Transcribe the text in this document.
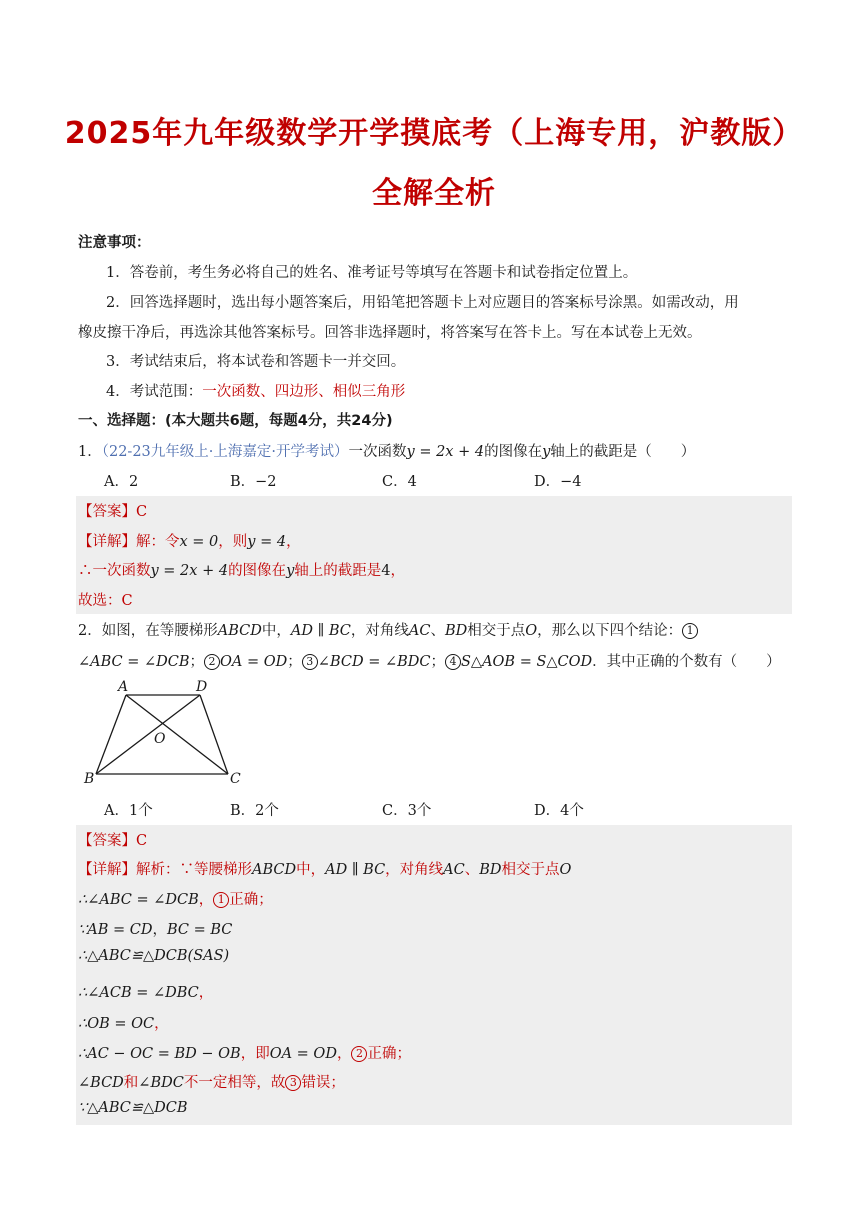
2025年九年级数学开学摸底考（上海专用，沪教版）
全解全析
注意事项：
1．答卷前，考生务必将自己的姓名、准考证号等填写在答题卡和试卷指定位置上。
2．回答选择题时，选出每小题答案后，用铅笔把答题卡上对应题目的答案标号涂黑。如需改动，用
橡皮擦干净后，再选涂其他答案标号。回答非选择题时，将答案写在答卡上。写在本试卷上无效。
3．考试结束后，将本试卷和答题卡一并交回。
4．考试范围：一次函数、四边形、相似三角形
一、选择题：(本大题共6题，每题4分，共24分)
1．（22-23九年级上·上海嘉定·开学考试）一次函数y = 2x + 4的图像在y轴上的截距是（　　）
A．2	B．−2	C．4	D．−4
【答案】C
【详解】解：令x = 0，则y = 4，
∴一次函数y = 2x + 4的图像在y轴上的截距是4，
故选：C
2．如图，在等腰梯形ABCD中，AD ∥ BC，对角线AC、BD相交于点O，那么以下四个结论： 1
∠ABC = ∠DCB； 2 OA = OD； 3 ∠BCD = ∠BDC； 4 S△AOB = S△COD．其中正确的个数有（　　）
A	D
O
B	C
A．1个	B．2个	C．3个	D．4个
【答案】C
【详解】解析：∵等腰梯形ABCD中，AD ∥ BC，对角线AC、BD相交于点O
∴∠ABC = ∠DCB， 1 正确；
∵AB = CD，BC = BC
∴△ABC≌△DCB(SAS)
∴∠ACB = ∠DBC，
∴OB = OC，
∴AC − OC = BD − OB，即OA = OD， 2 正确；
∠BCD和∠BDC不一定相等，故 3 错误；
∵△ABC≌△DCB
